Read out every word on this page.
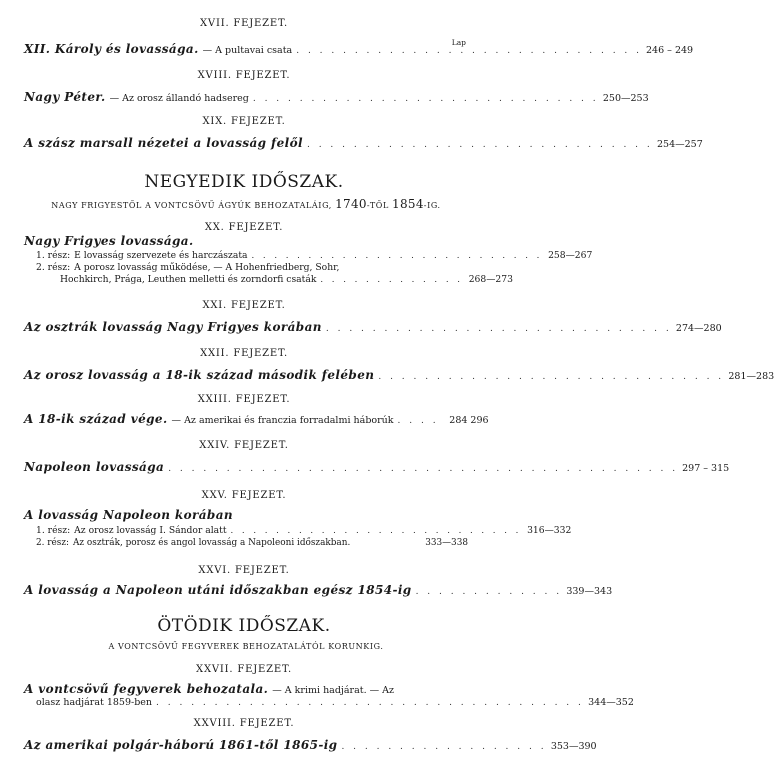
XVII. FEJEZET.
Lap
XII. Károly és lovassága. — A pultavai csata . . . . . . . . . . . . . . . . . . . . . . . . . . . . . . 246 – 249
XVIII. FEJEZET.
Nagy Péter. — Az orosz állandó hadsereg . . . . . . . . . . . . . . . . . . . . . . . . . . . . . . 250—253
XIX. FEJEZET.
A szász marsall nézetei a lovasság felől . . . . . . . . . . . . . . . . . . . . . . . . . . . . . . 254—257
NEGYEDIK IDŐSZAK.
NAGY FRIGYESTŐL A VONTCSÖVŰ ÁGYÚK BEHOZATALÁIG, 1740-TŐL 1854-IG.
XX. FEJEZET.
Nagy Frigyes lovassága.
1. rész: E lovasság szervezete és harczászata . . . . . . . . . . . . . . . . . . . . . . . . . . 258—267
2. rész: A porosz lovasság működése, — A Hohenfriedberg, Sohr,
Hochkirch, Prága, Leuthen melletti és zorndorfi csaták . . . . . . . . . . . . . 268—273
XXI. FEJEZET.
Az osztrák lovasság Nagy Frigyes korában . . . . . . . . . . . . . . . . . . . . . . . . . . . . . . 274—280
XXII. FEJEZET.
Az orosz lovasság a 18-ik század második felében . . . . . . . . . . . . . . . . . . . . . . . . . . . . . . 281—283
XXIII. FEJEZET.
A 18-ik század vége. — Az amerikai és franczia forradalmi háborúk . . . .	284 296
XXIV. FEJEZET.
Napoleon lovassága . . . . . . . . . . . . . . . . . . . . . . . . . . . . . . . . . . . . . . . . . . . . 297 – 315
XXV. FEJEZET.
A lovasság Napoleon korában
1. rész: Az orosz lovasság I. Sándor alatt . . . . . . . . . . . . . . . . . . . . . . . . . . 316—332
2. rész: Az osztrák, porosz és angol lovasság a Napoleoni időszakban.	333—338
XXVI. FEJEZET.
A lovasság a Napoleon utáni időszakban egész 1854-ig . . . . . . . . . . . . . 339—343
ÖTÖDIK IDŐSZAK.
A VONTCSÖVŰ FEGYVEREK BEHOZATALÁTÓL KORUNKIG.
XXVII. FEJEZET.
A vontcsövű fegyverek behozatala. — A krimi hadjárat. — Az
olasz hadjárat 1859-ben . . . . . . . . . . . . . . . . . . . . . . . . . . . . . . . . . . . . . 344—352
XXVIII. FEJEZET.
Az amerikai polgár-háború 1861-től 1865-ig . . . . . . . . . . . . . . . . . . 353—390
